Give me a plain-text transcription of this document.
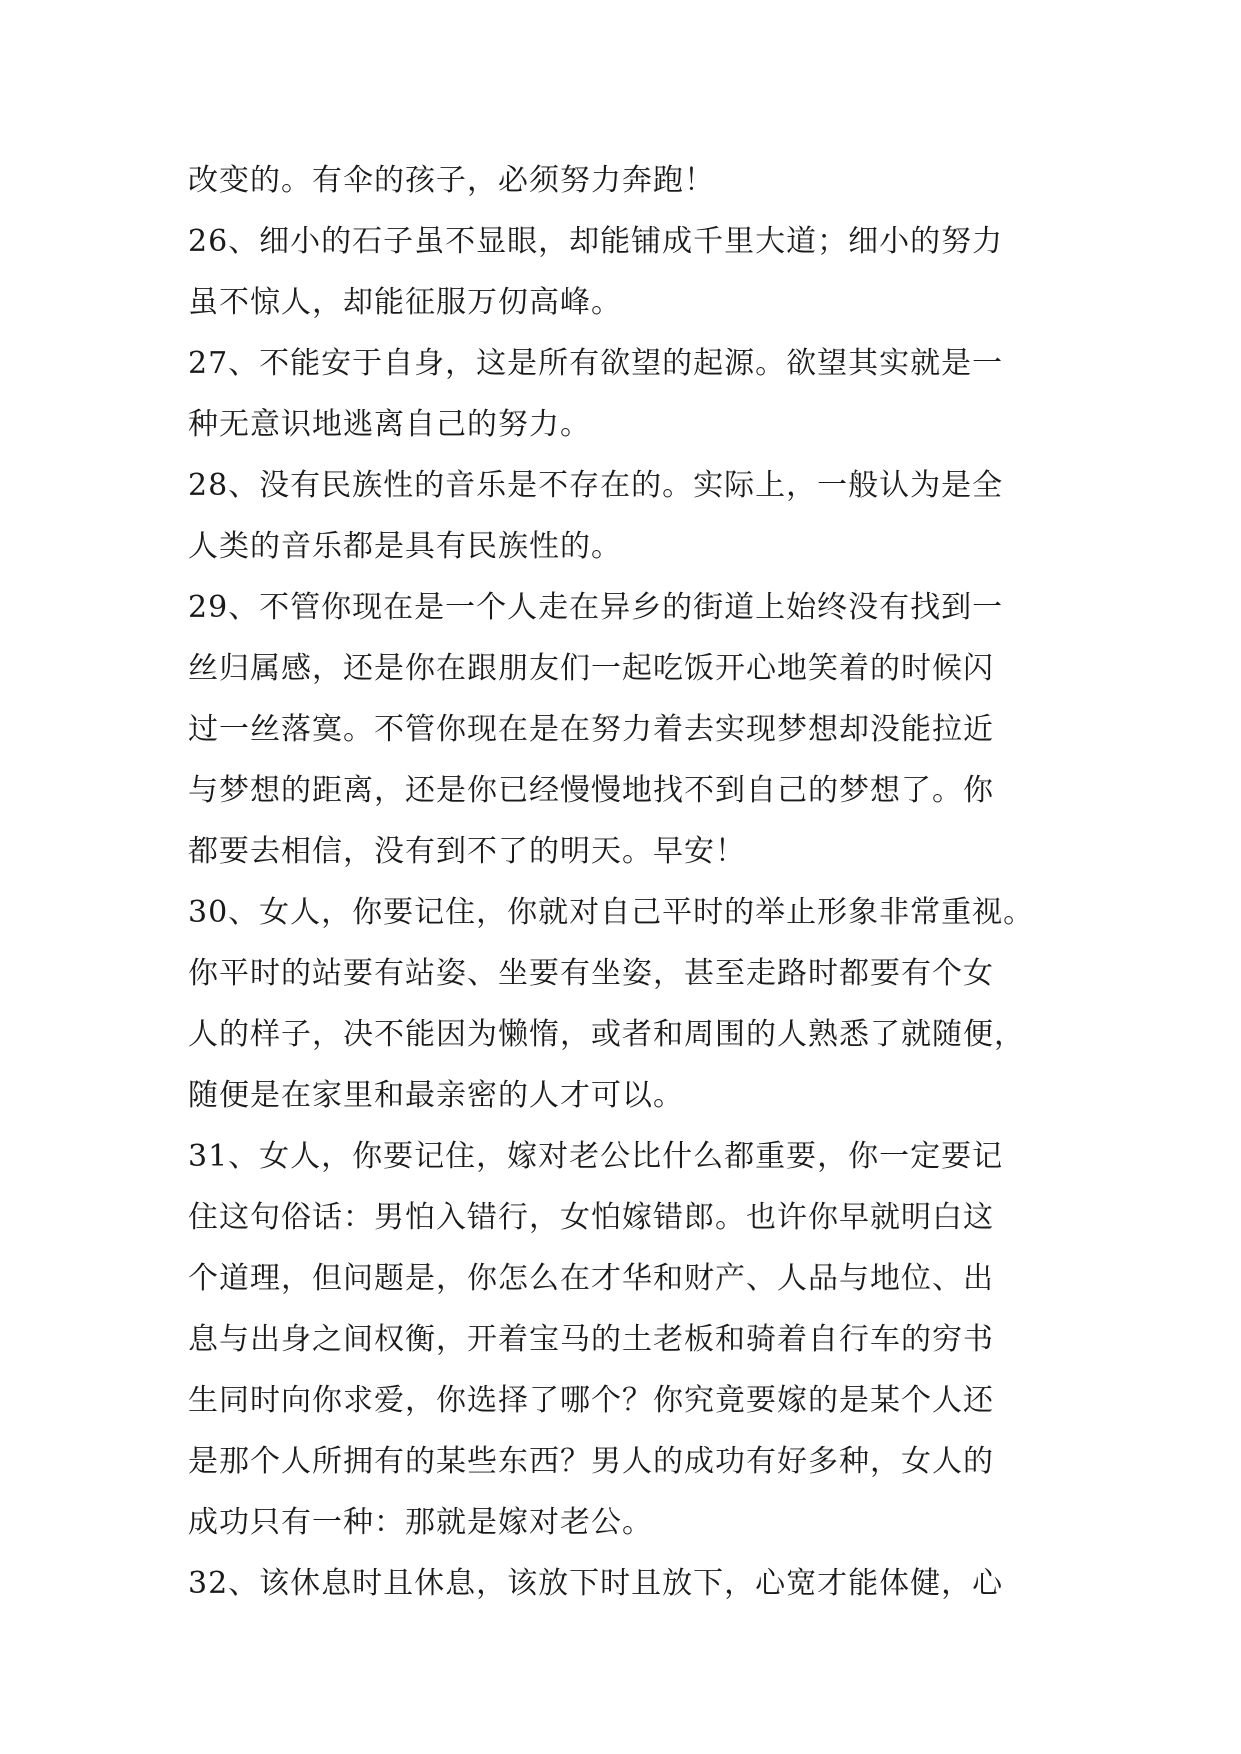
改变的。有伞的孩子，必须努力奔跑！
26、细小的石子虽不显眼，却能铺成千里大道；细小的努力
虽不惊人，却能征服万仞高峰。
27、不能安于自身，这是所有欲望的起源。欲望其实就是一
种无意识地逃离自己的努力。
28、没有民族性的音乐是不存在的。实际上，一般认为是全
人类的音乐都是具有民族性的。
29、不管你现在是一个人走在异乡的街道上始终没有找到一
丝归属感，还是你在跟朋友们一起吃饭开心地笑着的时候闪
过一丝落寞。不管你现在是在努力着去实现梦想却没能拉近
与梦想的距离，还是你已经慢慢地找不到自己的梦想了。你
都要去相信，没有到不了的明天。早安！
30、女人，你要记住，你就对自己平时的举止形象非常重视。
你平时的站要有站姿、坐要有坐姿，甚至走路时都要有个女
人的样子，决不能因为懒惰，或者和周围的人熟悉了就随便，
随便是在家里和最亲密的人才可以。
31、女人，你要记住，嫁对老公比什么都重要，你一定要记
住这句俗话：男怕入错行，女怕嫁错郎。也许你早就明白这
个道理，但问题是，你怎么在才华和财产、人品与地位、出
息与出身之间权衡，开着宝马的土老板和骑着自行车的穷书
生同时向你求爱，你选择了哪个？你究竟要嫁的是某个人还
是那个人所拥有的某些东西？男人的成功有好多种，女人的
成功只有一种：那就是嫁对老公。
32、该休息时且休息，该放下时且放下，心宽才能体健，心
